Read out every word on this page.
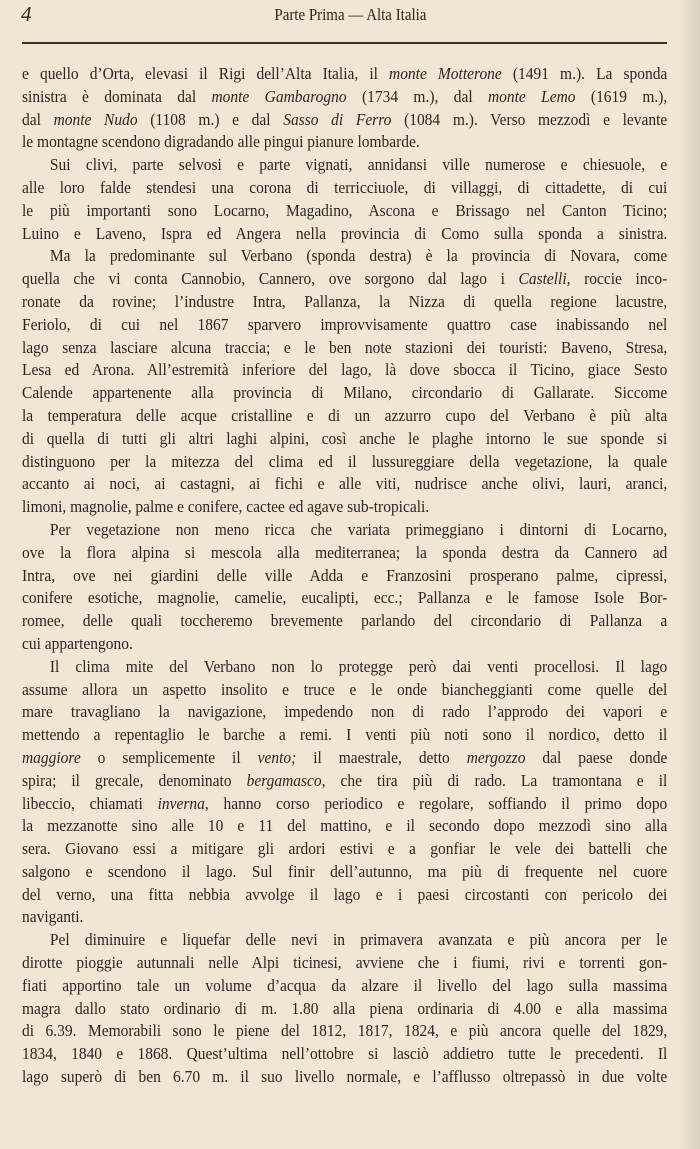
4	Parte Prima — Alta Italia
e quello d’Orta, elevasi il Rigi dell’Alta Italia, il monte Motterone (1491 m.). La sponda
sinistra è dominata dal monte Gambarogno (1734 m.), dal monte Lemo (1619 m.),
dal monte Nudo (1108 m.) e dal Sasso di Ferro (1084 m.). Verso mezzodì e levante
le montagne scendono digradando alle pingui pianure lombarde.
Sui clivi, parte selvosi e parte vignati, annidansi ville numerose e chiesuole, e
alle loro falde stendesi una corona di terricciuole, di villaggi, di cittadette, di cui
le più importanti sono Locarno, Magadino, Ascona e Brissago nel Canton Ticino;
Luino e Laveno, Ispra ed Angera nella provincia di Como sulla sponda a sinistra.
Ma la predominante sul Verbano (sponda destra) è la provincia di Novara, come
quella che vi conta Cannobio, Cannero, ove sorgono dal lago i Castelli, roccie inco-
ronate da rovine; l’industre Intra, Pallanza, la Nizza di quella regione lacustre,
Feriolo, di cui nel 1867 sparvero improvvisamente quattro case inabissando nel
lago senza lasciare alcuna traccia; e le ben note stazioni dei touristi: Baveno, Stresa,
Lesa ed Arona. All’estremità inferiore del lago, là dove sbocca il Ticino, giace Sesto
Calende appartenente alla provincia di Milano, circondario di Gallarate. Siccome
la temperatura delle acque cristalline e di un azzurro cupo del Verbano è più alta
di quella di tutti gli altri laghi alpini, così anche le plaghe intorno le sue sponde si
distinguono per la mitezza del clima ed il lussureggiare della vegetazione, la quale
accanto ai noci, ai castagni, ai fichi e alle viti, nudrisce anche olivi, lauri, aranci,
limoni, magnolie, palme e conifere, cactee ed agave sub-tropicali.
Per vegetazione non meno ricca che variata primeggiano i dintorni di Locarno,
ove la flora alpina si mescola alla mediterranea; la sponda destra da Cannero ad
Intra, ove nei giardini delle ville Adda e Franzosini prosperano palme, cipressi,
conifere esotiche, magnolie, camelie, eucalipti, ecc.; Pallanza e le famose Isole Bor-
romee, delle quali toccheremo brevemente parlando del circondario di Pallanza a
cui appartengono.
Il clima mite del Verbano non lo protegge però dai venti procellosi. Il lago
assume allora un aspetto insolito e truce e le onde biancheggianti come quelle del
mare travagliano la navigazione, impedendo non di rado l’approdo dei vapori e
mettendo a repentaglio le barche a remi. I venti più noti sono il nordico, detto il
maggiore o semplicemente il vento; il maestrale, detto mergozzo dal paese donde
spira; il grecale, denominato bergamasco, che tira più di rado. La tramontana e il
libeccio, chiamati inverna, hanno corso periodico e regolare, soffiando il primo dopo
la mezzanotte sino alle 10 e 11 del mattino, e il secondo dopo mezzodì sino alla
sera. Giovano essi a mitigare gli ardori estivi e a gonfiar le vele dei battelli che
salgono e scendono il lago. Sul finir dell’autunno, ma più di frequente nel cuore
del verno, una fitta nebbia avvolge il lago e i paesi circostanti con pericolo dei
naviganti.
Pel diminuire e liquefar delle nevi in primavera avanzata e più ancora per le
dirotte pioggie autunnali nelle Alpi ticinesi, avviene che i fiumi, rivi e torrenti gon-
fiati apportino tale un volume d’acqua da alzare il livello del lago sulla massima
magra dallo stato ordinario di m. 1.80 alla piena ordinaria di 4.00 e alla massima
di 6.39. Memorabili sono le piene del 1812, 1817, 1824, e più ancora quelle del 1829,
1834, 1840 e 1868. Quest’ultima nell’ottobre si lasciò addietro tutte le precedenti. Il
lago superò di ben 6.70 m. il suo livello normale, e l’afflusso oltrepassò in due volte
